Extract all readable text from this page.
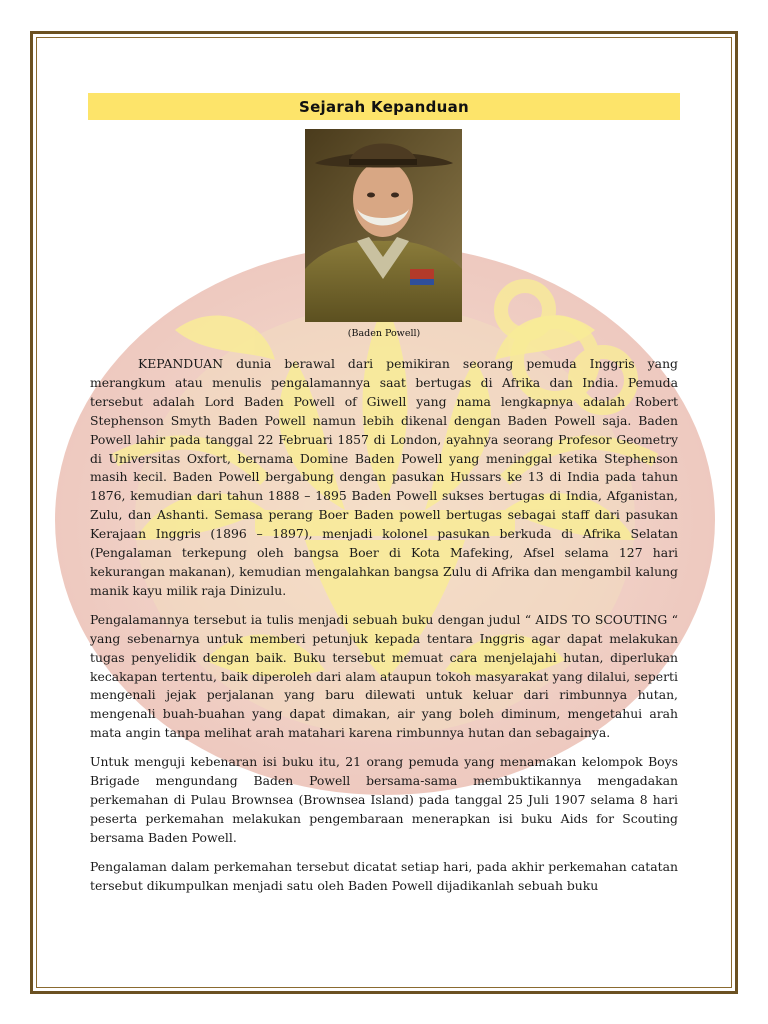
Sejarah Kepanduan
(Baden Powell)

KEPANDUAN dunia berawal dari pemikiran seorang pemuda Inggris yang merangkum atau menulis pengalamannya saat bertugas di Afrika dan India. Pemuda tersebut adalah Lord Baden Powell of Giwell yang nama lengkapnya adalah Robert Stephenson Smyth Baden Powell namun lebih dikenal dengan Baden Powell saja. Baden Powell lahir pada tanggal 22 Februari 1857 di London, ayahnya seorang Profesor Geometry di Universitas Oxfort, bernama Domine Baden Powell yang meninggal ketika Stephenson masih kecil. Baden Powell bergabung dengan pasukan Hussars ke 13 di India pada tahun 1876, kemudian dari tahun 1888 – 1895 Baden Powell sukses bertugas di India, Afganistan, Zulu, dan Ashanti. Semasa perang Boer Baden powell bertugas sebagai staff dari pasukan Kerajaan Inggris (1896 – 1897), menjadi kolonel pasukan berkuda di Afrika Selatan (Pengalaman terkepung oleh bangsa Boer di Kota Mafeking, Afsel selama 127 hari kekurangan makanan), kemudian mengalahkan bangsa Zulu di Afrika dan mengambil kalung manik kayu milik raja Dinizulu.

Pengalamannya tersebut ia tulis menjadi sebuah buku dengan judul “ AIDS TO SCOUTING “ yang sebenarnya untuk memberi petunjuk kepada tentara Inggris agar dapat melakukan tugas penyelidik dengan baik. Buku tersebut memuat cara menjelajahi hutan, diperlukan kecakapan tertentu, baik diperoleh dari alam ataupun tokoh masyarakat yang dilalui, seperti mengenali jejak perjalanan yang baru dilewati untuk keluar dari rimbunnya hutan, mengenali buah-buahan yang dapat dimakan, air yang boleh diminum, mengetahui arah mata angin tanpa melihat arah matahari karena rimbunnya hutan dan sebagainya.

Untuk menguji kebenaran isi buku itu, 21 orang pemuda yang menamakan kelompok Boys Brigade mengundang Baden Powell bersama-sama membuktikannya mengadakan perkemahan di Pulau Brownsea (Brownsea Island) pada tanggal 25 Juli 1907 selama 8 hari peserta perkemahan melakukan pengembaraan menerapkan isi buku Aids for Scouting bersama Baden Powell.

Pengalaman dalam perkemahan tersebut dicatat setiap hari, pada akhir perkemahan catatan tersebut dikumpulkan menjadi satu oleh Baden Powell dijadikanlah sebuah buku
